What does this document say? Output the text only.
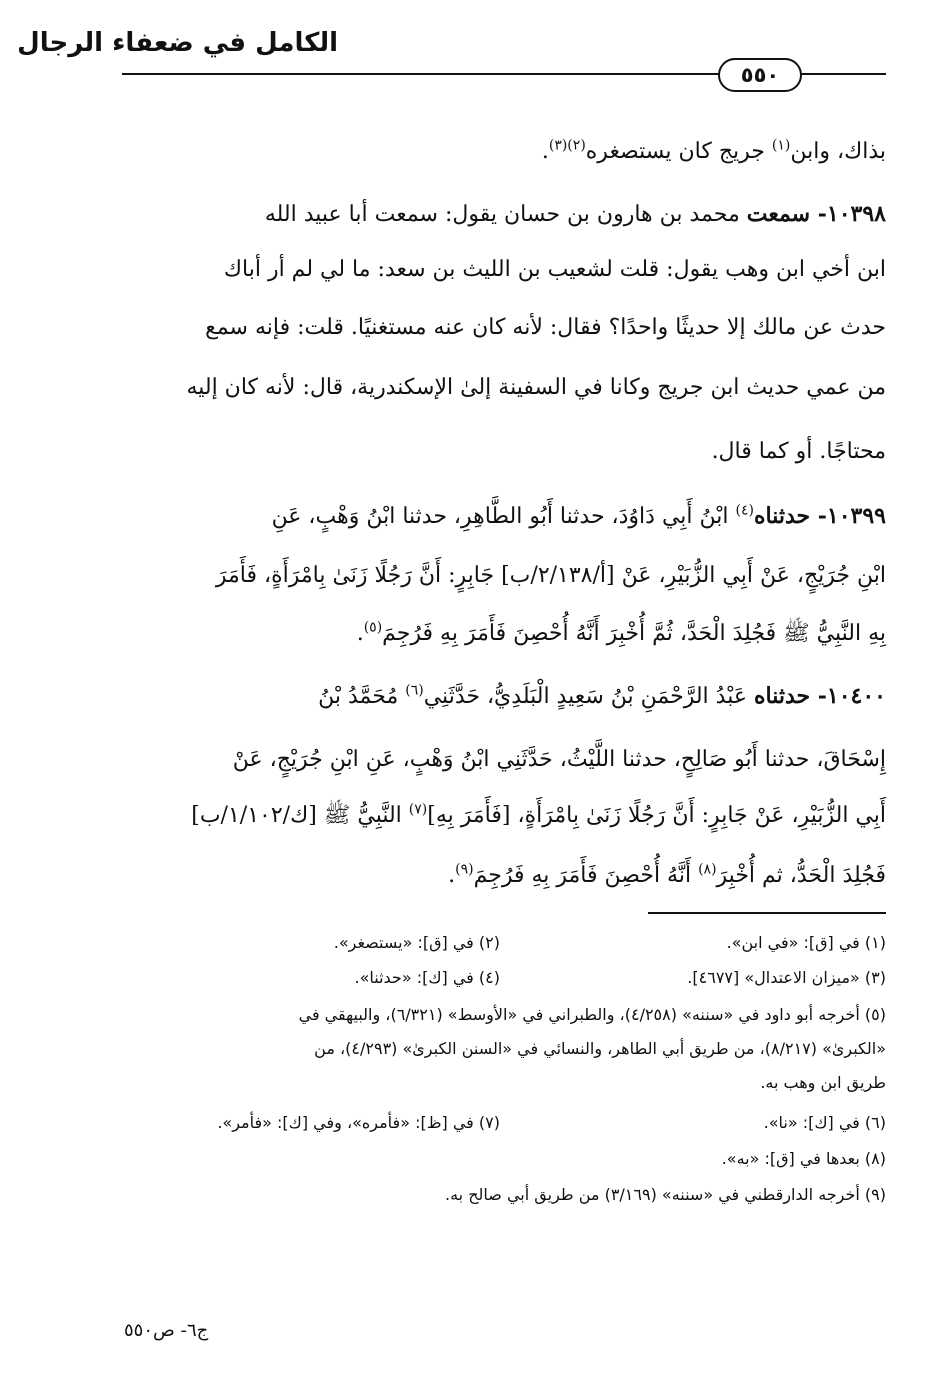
الكامل في ضعفاء الرجال
٥٥٠
بذاك، وابن$^{(١)}$ جريج كان يستصغره$^{(٢)(٣)}$.
١٠٣٩٨- سمعت محمد بن هارون بن حسان يقول: سمعت أبا عبيد الله
ابن أخي ابن وهب يقول: قلت لشعيب بن الليث بن سعد: ما لي لم أر أباك
حدث عن مالك إلا حديثًا واحدًا؟ فقال: لأنه كان عنه مستغنيًا. قلت: فإنه سمع
من عمي حديث ابن جريج وكانا في السفينة إلىٰ الإسكندرية، قال: لأنه كان إليه
محتاجًا. أو كما قال.
١٠٣٩٩- حدثناه$^{(٤)}$ ابْنُ أَبِي دَاوُدَ، حدثنا أَبُو الطَّاهِرِ، حدثنا ابْنُ وَهْبٍ، عَنِ
ابْنِ جُرَيْجٍ، عَنْ أَبِي الزُّبَيْرِ، عَنْ [أ/٢/١٣٨/ب] جَابِرٍ: أَنَّ رَجُلًا زَنَىٰ بِامْرَأَةٍ، فَأَمَرَ
بِهِ النَّبِيُّ ﷺ فَجُلِدَ الْحَدَّ، ثُمَّ أُخْبِرَ أَنَّهُ أُحْصِنَ فَأَمَرَ بِهِ فَرُجِمَ$^{(٥)}$.
١٠٤٠٠- حدثناه عَبْدُ الرَّحْمَنِ بْنُ سَعِيدٍ الْبَلَدِيُّ، حَدَّثَنِي$^{(٦)}$ مُحَمَّدُ بْنُ
إِسْحَاقَ، حدثنا أَبُو صَالِحٍ، حدثنا اللَّيْثُ، حَدَّثَنِي ابْنُ وَهْبٍ، عَنِ ابْنِ جُرَيْجٍ، عَنْ
أَبِي الزُّبَيْرِ، عَنْ جَابِرٍ: أَنَّ رَجُلًا زَنَىٰ بِامْرَأَةٍ، [فَأَمَرَ بِهِ]$^{(٧)}$ النَّبِيُّ ﷺ [ك/١/١٠٢/ب]
فَجُلِدَ الْحَدُّ، ثم أُخْبِرَ$^{(٨)}$ أَنَّهُ أُحْصِنَ فَأَمَرَ بِهِ فَرُجِمَ$^{(٩)}$.
(١) في [ق]: «في ابن».
(٢) في [ق]: «يستصغر».
(٣) «ميزان الاعتدال» [٤٦٧٧].
(٤) في [ك]: «حدثنا».
(٥) أخرجه أبو داود في «سننه» (٤/٢٥٨)، والطبراني في «الأوسط» (٦/٣٢١)، والبيهقي في
«الكبرىٰ» (٨/٢١٧)، من طريق أبي الطاهر، والنسائي في «السنن الكبرىٰ» (٤/٢٩٣)، من
طريق ابن وهب به.
(٦) في [ك]: «نا».
(٧) في [ظ]: «فأمره»، وفي [ك]: «فأمر».
(٨) بعدها في [ق]: «به».
(٩) أخرجه الدارقطني في «سننه» (٣/١٦٩) من طريق أبي صالح به.
ج٦- ص٥٥٠
